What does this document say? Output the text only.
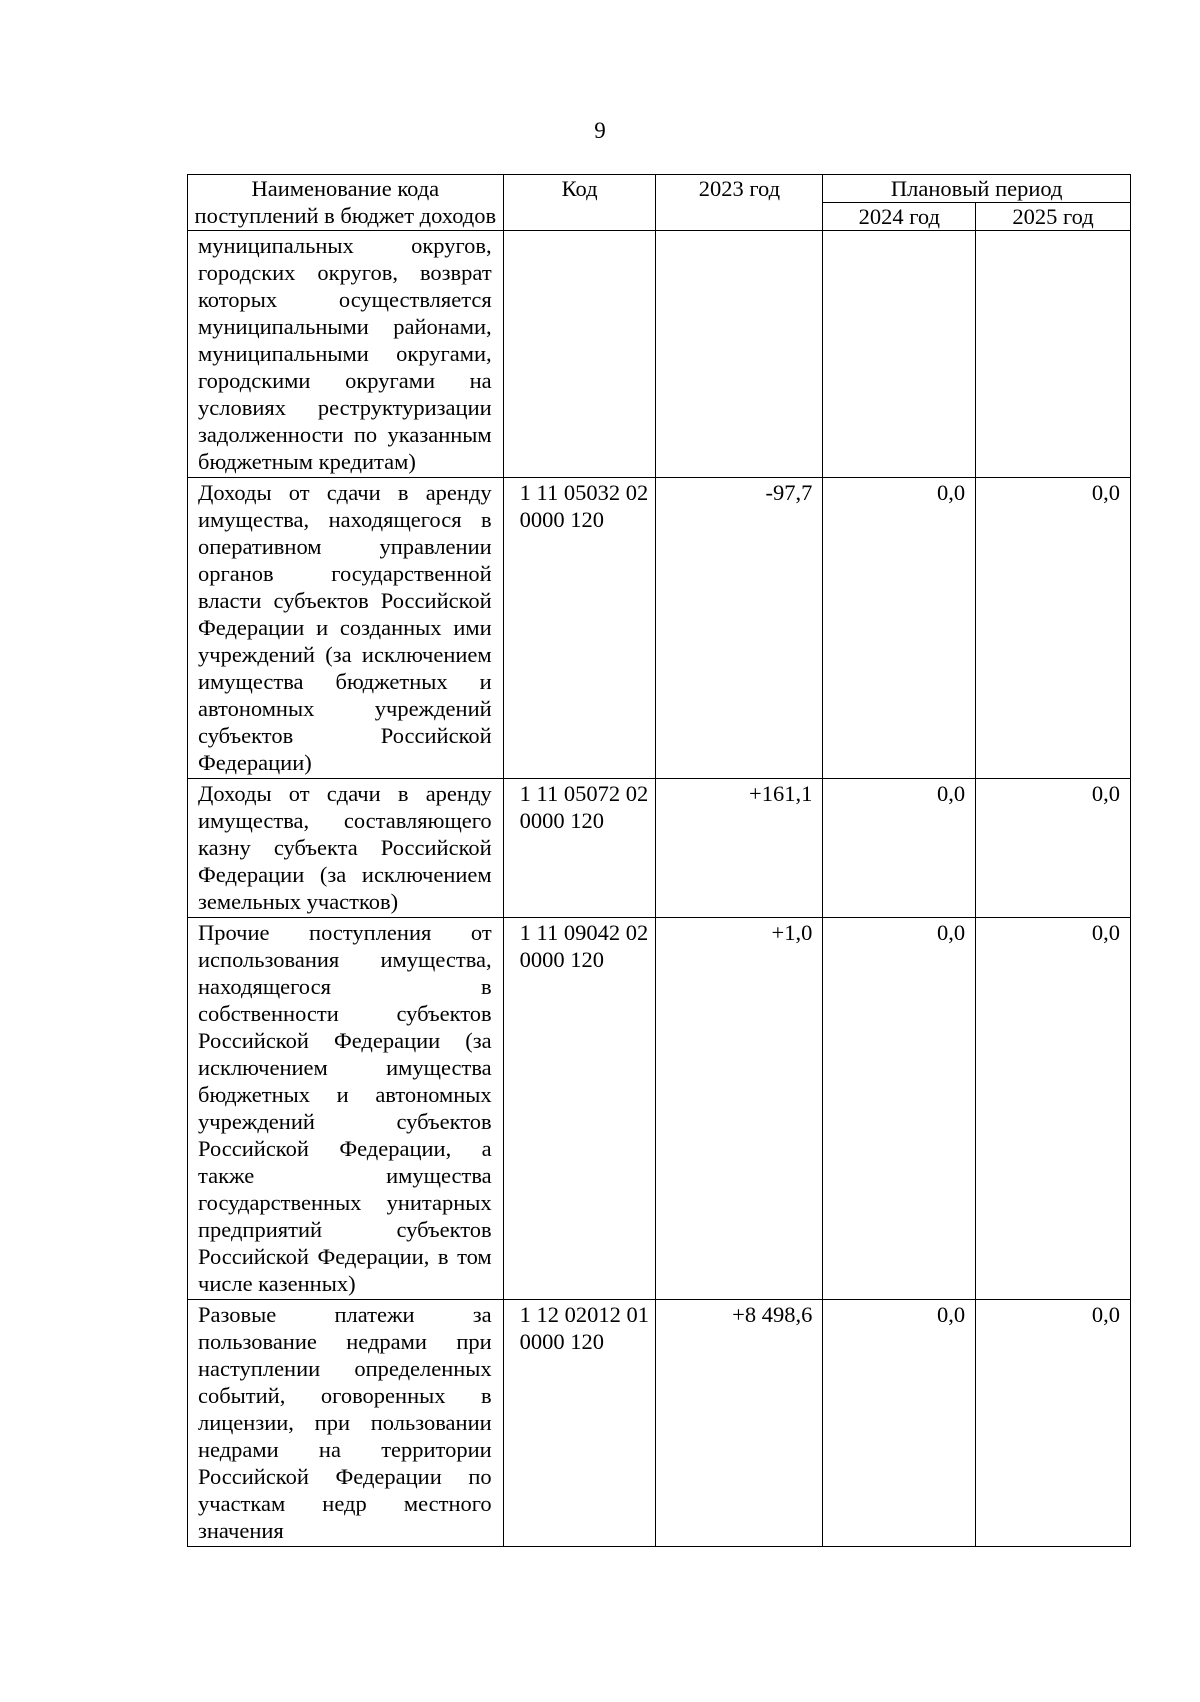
9
Наименование кода поступлений в бюджет доходов	Код	2023 год	Плановый период	
			2024 год	2025 год
муниципальных округов, городских округов, возврат которых осуществляется муниципальными районами, муниципальными округами, городскими округами на условиях реструктуризации задолженности по указанным бюджетным кредитам)				
Доходы от сдачи в аренду имущества, находящегося в оперативном управлении органов государственной власти субъектов Российской Федерации и созданных ими учреждений (за исключением имущества бюджетных и автономных учреждений субъектов Российской Федерации)	1 11 05032 02 0000 120	-97,7	0,0	0,0
Доходы от сдачи в аренду имущества, составляющего казну субъекта Российской Федерации (за исключением земельных участков)	1 11 05072 02 0000 120	+161,1	0,0	0,0
Прочие поступления от использования имущества, находящегося в собственности субъектов Российской Федерации (за исключением имущества бюджетных и автономных учреждений субъектов Российской Федерации, а также имущества государственных унитарных предприятий субъектов Российской Федерации, в том числе казенных)	1 11 09042 02 0000 120	+1,0	0,0	0,0
Разовые платежи за пользование недрами при наступлении определенных событий, оговоренных в лицензии, при пользовании недрами на территории Российской Федерации по участкам недр местного значения	1 12 02012 01 0000 120	+8 498,6	0,0	0,0
